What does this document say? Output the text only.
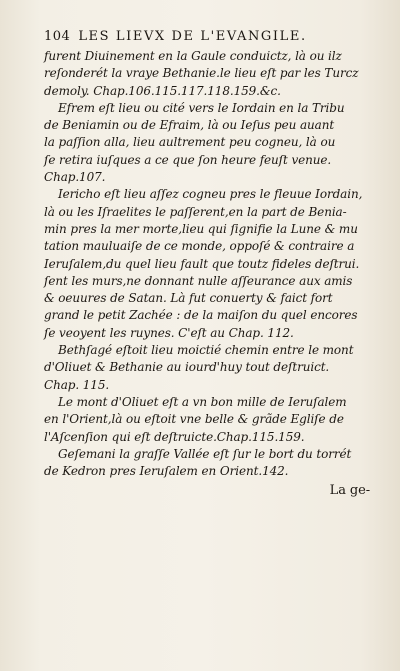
104 LES LIEVX DE L'EVANGILE.
furent Diuinement en la Gaule conduictz, là ou ilz
reſonderét la vraye Bethanie.le lieu eſt par les Turcz
demoly. Chap.106.115.117.118.159.&c.
Efrem eſt lieu ou cité vers le Iordain en la Tribu
de Beniamin ou de Efraim, là ou Ieſus peu auant
la paſſion alla, lieu aultrement peu cogneu, là ou
ſe retira iuſques a ce que ſon heure feuſt venue.
Chap.107.
Iericho eſt lieu aſſez cogneu pres le fleuue Iordain,
là ou les Iſraelites le paſſerent,en la part de Benia-
min pres la mer morte,lieu qui ſignifie la Lune & mu
tation mauluaiſe de ce monde, oppoſé & contraire a
Ieruſalem,du quel lieu fault que toutz fideles deſtrui.
ſent les murs,ne donnant nulle aſſeurance aux amis
& oeuures de Satan. Là fut conuerty & faict fort
grand le petit Zachée : de la maiſon du quel encores
ſe veoyent les ruynes. C'eſt au Chap. 112.
Bethſagé eſtoit lieu moictié chemin entre le mont
d'Oliuet & Bethanie au iourd'huy tout deſtruict.
Chap. 115.
Le mont d'Oliuet eſt a vn bon mille de Ieruſalem
en l'Orient,là ou eſtoit vne belle & grãde Egliſe de
l'Aſcenſion qui eſt deſtruicte.Chap.115.159.
Geſemani la graſſe Vallée eſt ſur le bort du torrét
de Kedron pres Ieruſalem en Orient.142.
La ge-
